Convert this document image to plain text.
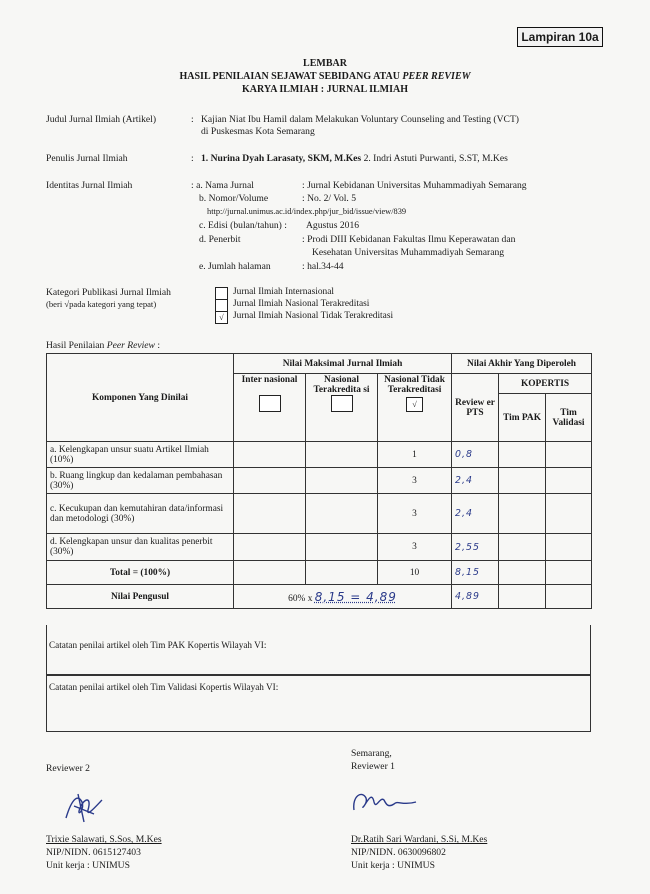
Lampiran 10a
LEMBAR
HASIL PENILAIAN SEJAWAT SEBIDANG ATAU PEER REVIEW
KARYA ILMIAH : JURNAL ILMIAH
Judul Jurnal Ilmiah (Artikel)	: Kajian Niat Ibu Hamil dalam Melakukan Voluntary Counseling and Testing (VCT)
di Puskesmas Kota Semarang
Penulis Jurnal Ilmiah	: 1. Nurina Dyah Larasaty, SKM, M.Kes 2. Indri Astuti Purwanti, S.ST, M.Kes
Identitas Jurnal Ilmiah	: a. Nama Jurnal	: Jurnal Kebidanan Universitas Muhammadiyah Semarang
b. Nomor/Volume	: No. 2/ Vol. 5
http://jurnal.unimus.ac.id/index.php/jur_bid/issue/view/839
c. Edisi (bulan/tahun) : Agustus 2016
d. Penerbit	: Prodi DIII Kebidanan Fakultas Ilmu Keperawatan dan
Kesehatan Universitas Muhammadiyah Semarang
e. Jumlah halaman	: hal.34-44
Kategori Publikasi Jurnal Ilmiah
(beri √pada kategori yang tepat)
√
Jurnal Ilmiah Internasional
Jurnal Ilmiah Nasional Terakreditasi
Jurnal Ilmiah Nasional Tidak Terakreditasi
Hasil Penilaian Peer Review :
Komponen Yang Dinilai	Nilai Maksimal Jurnal Ilmiah			Nilai Akhir Yang Diperoleh		

	Inter nasional	Nasional Terakredita si	Nasional Tidak Terakreditasi
√	Review er PTS	KOPERTIS	
					Tim PAK	Tim Validasi
a. Kelengkapan unsur suatu Artikel Ilmiah (10%)			1	0,8		
b. Ruang lingkup dan kedalaman pembahasan (30%)			3	2,4		
c. Kecukupan dan kemutahiran data/informasi dan metodologi (30%)			3	2,4		
d. Kelengkapan unsur dan kualitas penerbit (30%)			3	2,55		
Total = (100%)			10	8,15		
Nilai Pengusul	60% x 8,15 = 4,89			4,89		
Catatan penilai artikel oleh Tim PAK Kopertis Wilayah VI:
Catatan penilai artikel oleh Tim Validasi Kopertis Wilayah VI:
Reviewer 2
Trixie Salawati, S.Sos, M.Kes
NIP/NIDN. 0615127403
Unit kerja : UNIMUS
Semarang,
Reviewer 1
Dr.Ratih Sari Wardani, S.Si, M.Kes
NIP/NIDN. 0630096802
Unit kerja : UNIMUS
